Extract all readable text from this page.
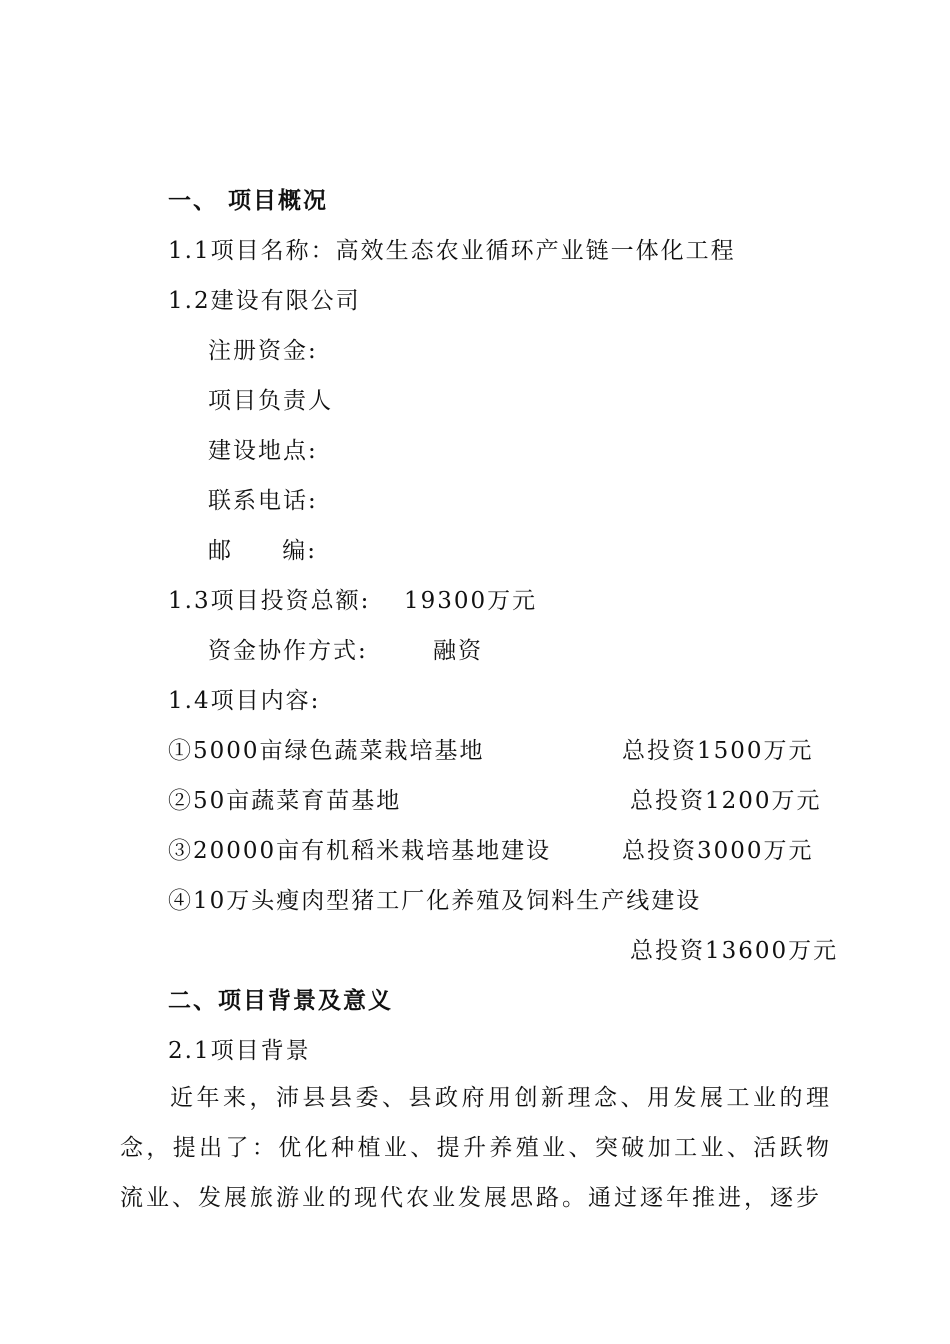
一、 项目概况
1.1项目名称：高效生态农业循环产业链一体化工程
1.2建设有限公司
注册资金:
项目负责人
建设地点:
联系电话:
邮 编:
1.3项目投资总额: 19300万元
资金协作方式:	融资
1.4项目内容:
①5000亩绿色蔬菜栽培基地	总投资1500万元
②50亩蔬菜育苗基地	总投资1200万元
③20000亩有机稻米栽培基地建设	总投资3000万元
④10万头瘦肉型猪工厂化养殖及饲料生产线建设
总投资13600万元
二、项目背景及意义
2.1项目背景
近年来，沛县县委、县政府用创新理念、用发展工业的理念，提出了：优化种植业、提升养殖业、突破加工业、活跃物流业、发展旅游业的现代农业发展思路。通过逐年推进，逐步
